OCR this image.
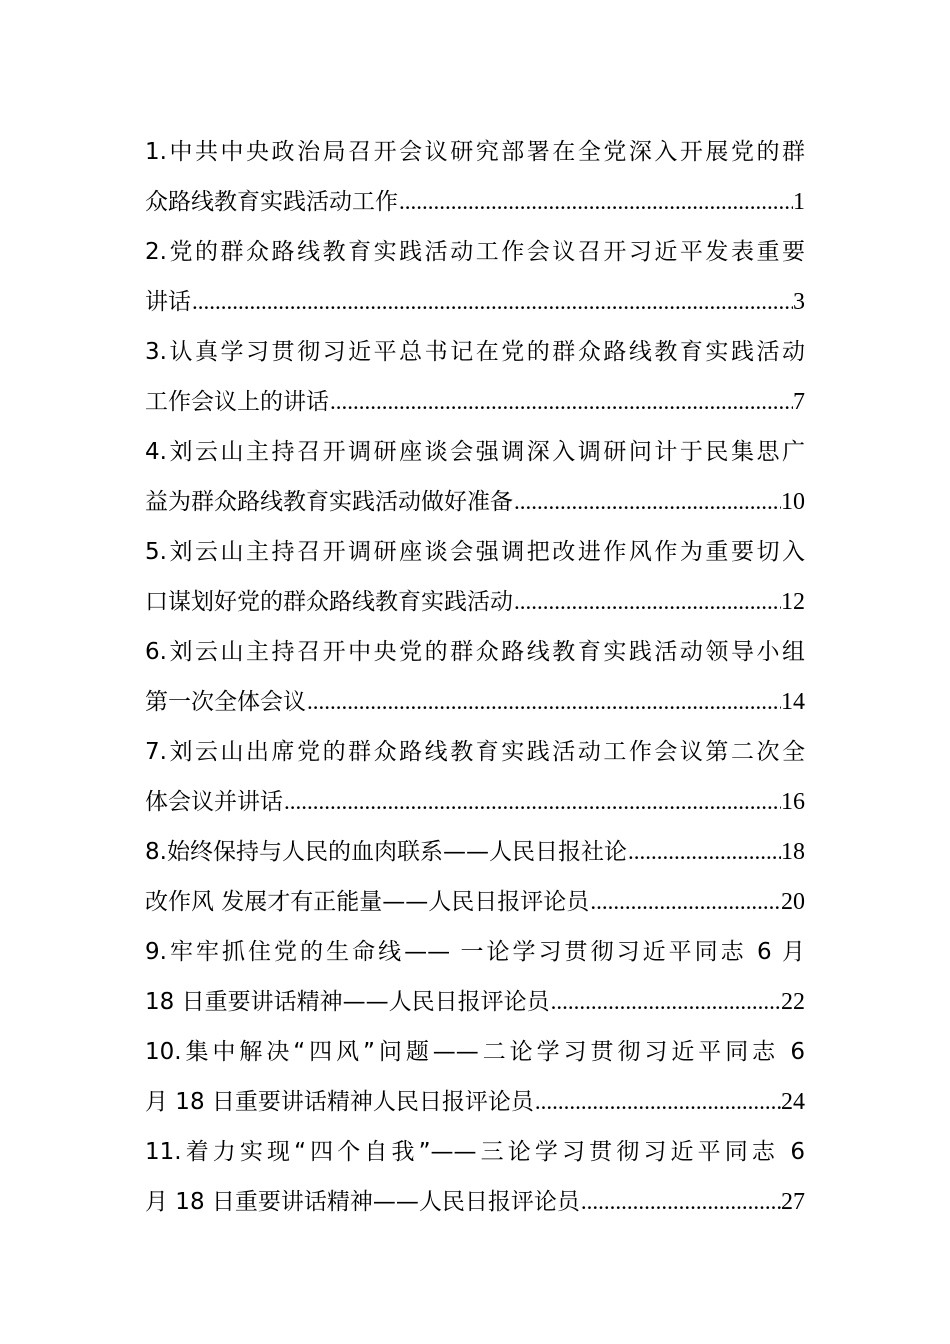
1.中共中央政治局召开会议研究部署在全党深入开展党的群
众路线教育实践活动工作 .....	1
2.党的群众路线教育实践活动工作会议召开习近平发表重要
讲话 .....	3
3.认真学习贯彻习近平总书记在党的群众路线教育实践活动
工作会议上的讲话 .....	7
4.刘云山主持召开调研座谈会强调深入调研问计于民集思广
益为群众路线教育实践活动做好准备 .....	10
5.刘云山主持召开调研座谈会强调把改进作风作为重要切入
口谋划好党的群众路线教育实践活动 .....	12
6.刘云山主持召开中央党的群众路线教育实践活动领导小组
第一次全体会议 .....	14
7.刘云山出席党的群众路线教育实践活动工作会议第二次全
体会议并讲话 .....	16
8.始终保持与人民的血肉联系——人民日报社论 .....	18
改作风 发展才有正能量——人民日报评论员 .....	20
9.牢牢抓住党的生命线—— 一论学习贯彻习近平同志 6 月
18 日重要讲话精神——人民日报评论员 .....	22
10.集中解决“四风”问题——二论学习贯彻习近平同志 6
月 18 日重要讲话精神人民日报评论员 .....	24
11.着力实现“四个自我”——三论学习贯彻习近平同志 6
月 18 日重要讲话精神——人民日报评论员 .....	27
